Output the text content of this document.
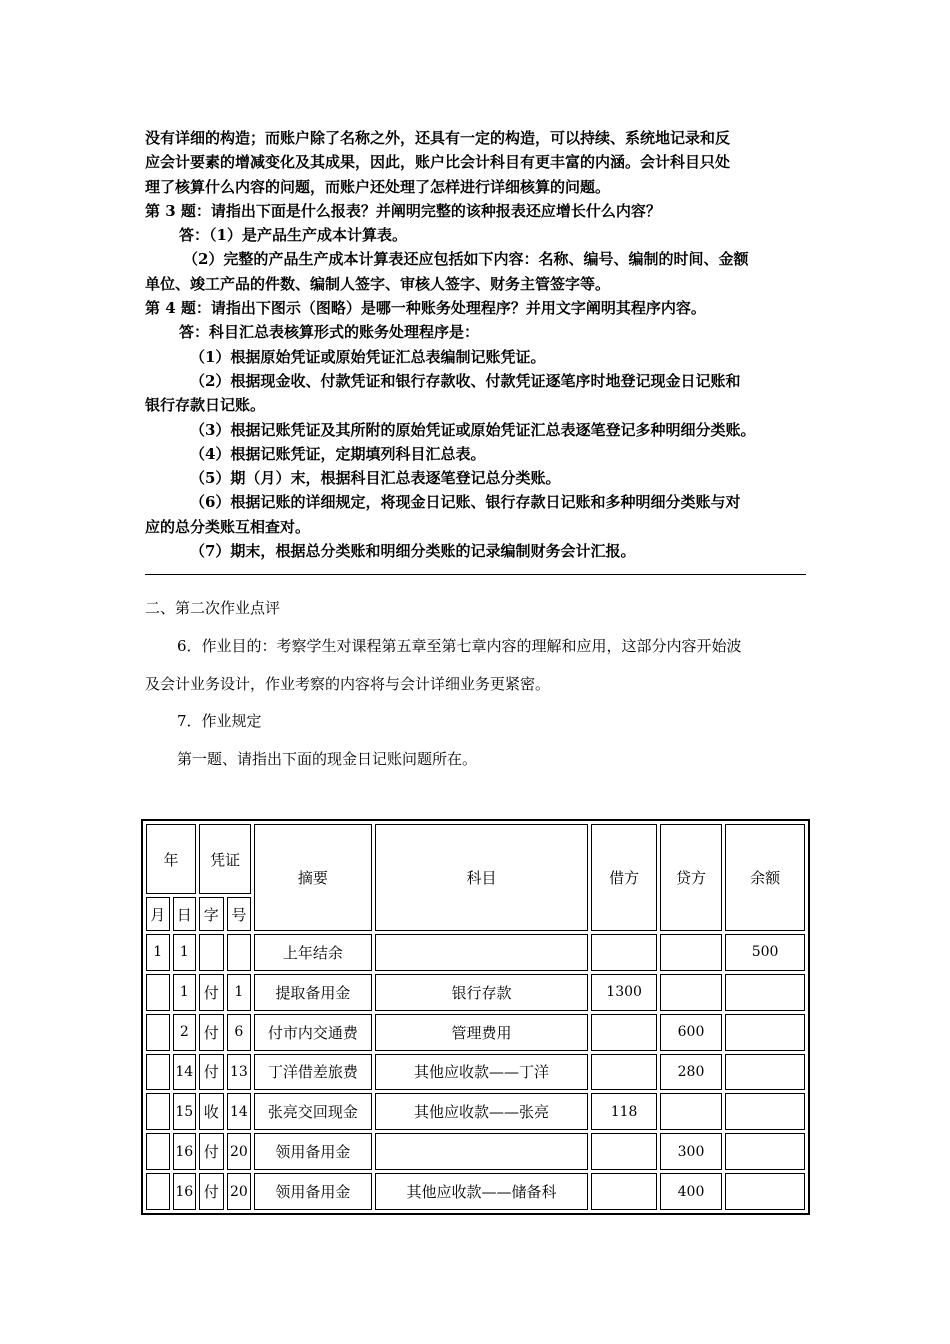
没有详细的构造；而账户除了名称之外，还具有一定的构造，可以持续、系统地记录和反

应会计要素的增减变化及其成果，因此，账户比会计科目有更丰富的内涵。会计科目只处

理了核算什么内容的问题，而账户还处理了怎样进行详细核算的问题。

第 3 题：请指出下面是什么报表？并阐明完整的该种报表还应增长什么内容？

答：（1）是产品生产成本计算表。

（2）完整的产品生产成本计算表还应包括如下内容：名称、编号、编制的时间、金额

单位、竣工产品的件数、编制人签字、审核人签字、财务主管签字等。

第 4 题：请指出下图示（图略）是哪一种账务处理程序？并用文字阐明其程序内容。

答：科目汇总表核算形式的账务处理程序是：

（1）根据原始凭证或原始凭证汇总表编制记账凭证。

（2）根据现金收、付款凭证和银行存款收、付款凭证逐笔序时地登记现金日记账和

银行存款日记账。

（3）根据记账凭证及其所附的原始凭证或原始凭证汇总表逐笔登记多种明细分类账。

（4）根据记账凭证，定期填列科目汇总表。

（5）期（月）末，根据科目汇总表逐笔登记总分类账。

（6）根据记账的详细规定，将现金日记账、银行存款日记账和多种明细分类账与对

应的总分类账互相查对。

（7）期末，根据总分类账和明细分类账的记录编制财务会计汇报。

二、第二次作业点评

6．作业目的：考察学生对课程第五章至第七章内容的理解和应用，这部分内容开始波

及会计业务设计，作业考察的内容将与会计详细业务更紧密。

7．作业规定

第一题、请指出下面的现金日记账问题所在。

年		凭证		摘要	科目	借方	贷方	余额
月	日	字	号					
1	1			上年结余				500
	1	付	1	提取备用金	银行存款	1300		
	2	付	6	付市内交通费	管理费用		600	
	14	付	13	丁洋借差旅费	其他应收款——丁洋		280	
	15	收	14	张亮交回现金	其他应收款——张亮	118		
	16	付	20	领用备用金			300	
	16	付	20	领用备用金	其他应收款——储备科		400	
